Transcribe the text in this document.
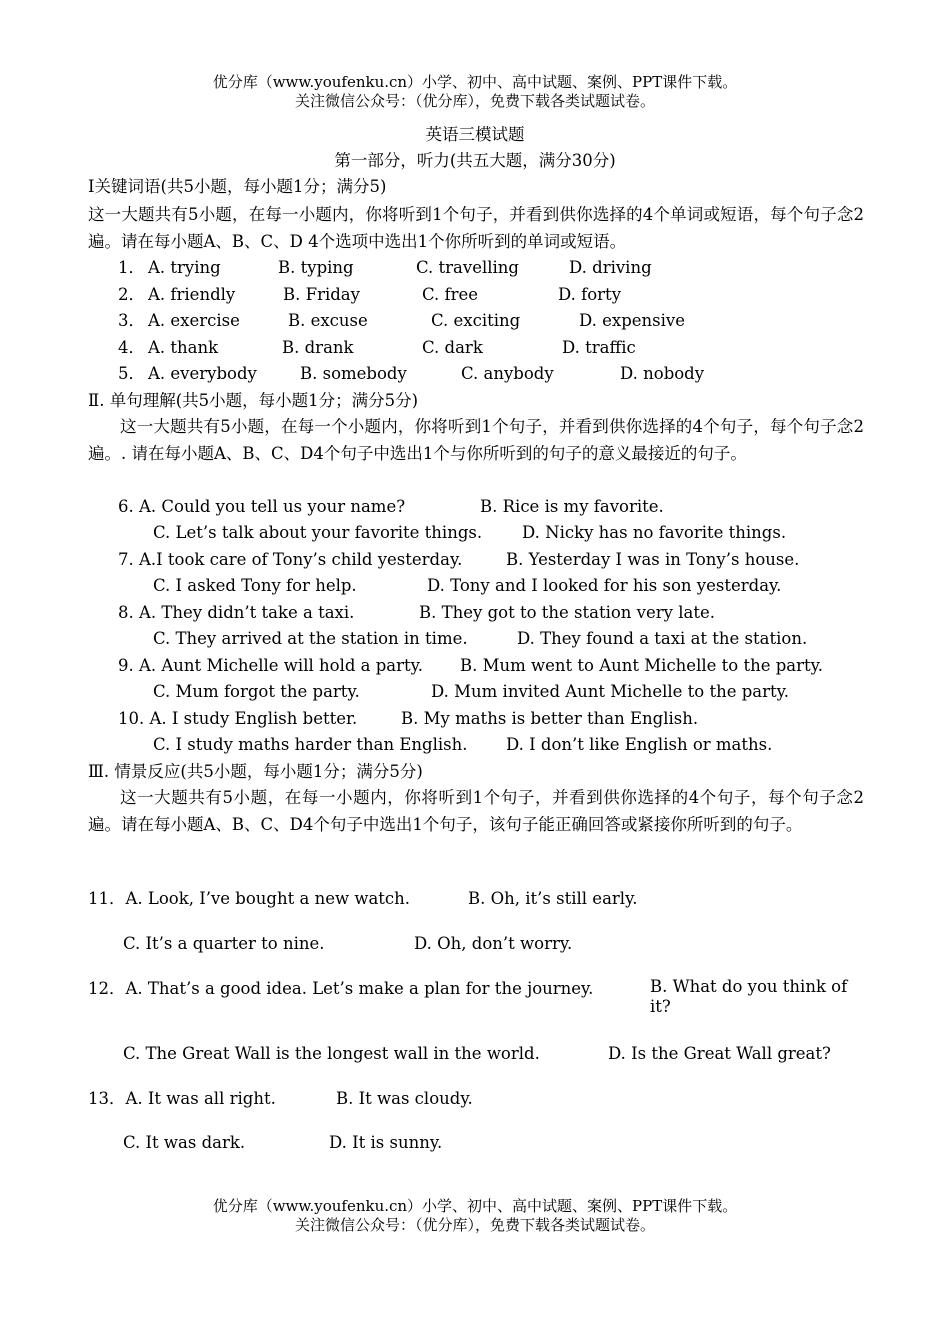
优分库（www.youfenku.cn）小学、初中、高中试题、案例、PPT课件下载。
关注微信公众号：（优分库），免费下载各类试题试卷。
英语三模试题
第一部分，听力(共五大题，满分30分)
I关键词语(共5小题，每小题1分；满分5)
这一大题共有5小题，在每一小题内，你将听到1个句子，并看到供你选择的4个单词或短语，每个句子念2遍。请在每小题A、B、C、D 4个选项中选出1个你所听到的单词或短语。
1． A. trying	B. typing	C. travelling	D. driving
2． A. friendly	B. Friday	C. free	D. forty
3． A. exercise	B. excuse	C. exciting	D. expensive
4． A. thank	B. drank	C. dark	D. traffic
5． A. everybody	B. somebody	C. anybody	D. nobody
Ⅱ. 单句理解(共5小题，每小题1分；满分5分)
这一大题共有5小题，在每一个小题内，你将听到1个句子，并看到供你选择的4个句子，每个句子念2遍。. 请在每小题A、B、C、D4个句子中选出1个与你所听到的句子的意义最接近的句子。
6. A. Could you tell us your name?	B. Rice is my favorite.
C. Let’s talk about your favorite things. D. Nicky has no favorite things.
7. A.I took care of Tony’s child yesterday.	B. Yesterday I was in Tony’s house.
C. I asked Tony for help.	D. Tony and I looked for his son yesterday.
8. A. They didn’t take a taxi.	B. They got to the station very late.
C. They arrived at the station in time.	D. They found a taxi at the station.
9. A. Aunt Michelle will hold a party. B. Mum went to Aunt Michelle to the party.
C. Mum forgot the party.	D. Mum invited Aunt Michelle to the party.
10. A. I study English better.	B. My maths is better than English.
C. I study maths harder than English. D. I don’t like English or maths.
Ⅲ. 情景反应(共5小题，每小题1分；满分5分)
这一大题共有5小题，在每一小题内，你将听到1个句子，并看到供你选择的4个句子，每个句子念2遍。请在每小题A、B、C、D4个句子中选出1个句子，该句子能正确回答或紧接你所听到的句子。
11．A. Look, I’ve bought a new watch.	B. Oh, it’s still early.
C. It’s a quarter to nine.	D. Oh, don’t worry.
12．A. That’s a good idea. Let’s make a plan for the journey.	B. What do you think of it?
C. The Great Wall is the longest wall in the world.	D. Is the Great Wall great?
13．A. It was all right.	B. It was cloudy.
C. It was dark.	D. It is sunny.
优分库（www.youfenku.cn）小学、初中、高中试题、案例、PPT课件下载。
关注微信公众号：（优分库），免费下载各类试题试卷。
